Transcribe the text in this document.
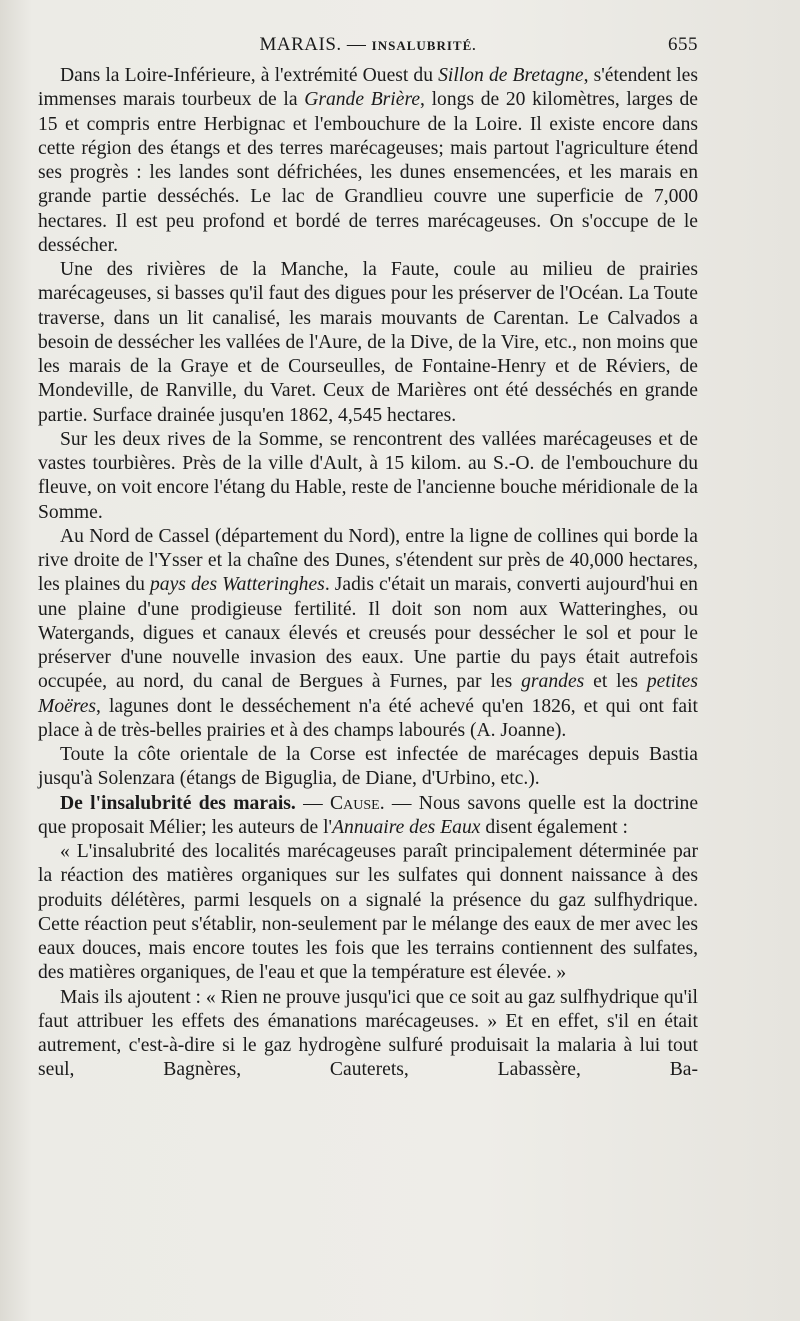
MARAIS. — INSALUBRITÉ.	655

Dans la Loire-Inférieure, à l'extrémité Ouest du Sillon de Bretagne, s'étendent les immenses marais tourbeux de la Grande Brière, longs de 20 kilomètres, larges de 15 et compris entre Herbignac et l'embouchure de la Loire. Il existe encore dans cette région des étangs et des terres marécageuses; mais partout l'agriculture étend ses progrès : les landes sont défrichées, les dunes ensemencées, et les marais en grande partie desséchés. Le lac de Grandlieu couvre une superficie de 7,000 hectares. Il est peu profond et bordé de terres marécageuses. On s'occupe de le dessécher.

Une des rivières de la Manche, la Faute, coule au milieu de prairies marécageuses, si basses qu'il faut des digues pour les préserver de l'Océan. La Toute traverse, dans un lit canalisé, les marais mouvants de Carentan. Le Calvados a besoin de dessécher les vallées de l'Aure, de la Dive, de la Vire, etc., non moins que les marais de la Graye et de Courseulles, de Fontaine-Henry et de Réviers, de Mondeville, de Ranville, du Varet. Ceux de Marières ont été desséchés en grande partie. Surface drainée jusqu'en 1862, 4,545 hectares.

Sur les deux rives de la Somme, se rencontrent des vallées marécageuses et de vastes tourbières. Près de la ville d'Ault, à 15 kilom. au S.-O. de l'embouchure du fleuve, on voit encore l'étang du Hable, reste de l'ancienne bouche méridionale de la Somme.

Au Nord de Cassel (département du Nord), entre la ligne de collines qui borde la rive droite de l'Ysser et la chaîne des Dunes, s'étendent sur près de 40,000 hectares, les plaines du pays des Watteringhes. Jadis c'était un marais, converti aujourd'hui en une plaine d'une prodigieuse fertilité. Il doit son nom aux Watteringhes, ou Watergands, digues et canaux élevés et creusés pour dessécher le sol et pour le préserver d'une nouvelle invasion des eaux. Une partie du pays était autrefois occupée, au nord, du canal de Bergues à Furnes, par les grandes et les petites Moëres, lagunes dont le desséchement n'a été achevé qu'en 1826, et qui ont fait place à de très-belles prairies et à des champs labourés (A. Joanne).

Toute la côte orientale de la Corse est infectée de marécages depuis Bastia jusqu'à Solenzara (étangs de Biguglia, de Diane, d'Urbino, etc.).

De l'insalubrité des marais. — Cause. — Nous savons quelle est la doctrine que proposait Mélier; les auteurs de l'Annuaire des Eaux disent également :

« L'insalubrité des localités marécageuses paraît principalement déterminée par la réaction des matières organiques sur les sulfates qui donnent naissance à des produits délétères, parmi lesquels on a signalé la présence du gaz sulfhydrique. Cette réaction peut s'établir, non-seulement par le mélange des eaux de mer avec les eaux douces, mais encore toutes les fois que les terrains contiennent des sulfates, des matières organiques, de l'eau et que la température est élevée. »

Mais ils ajoutent : « Rien ne prouve jusqu'ici que ce soit au gaz sulfhydrique qu'il faut attribuer les effets des émanations marécageuses. » Et en effet, s'il en était autrement, c'est-à-dire si le gaz hydrogène sulfuré produisait la malaria à lui tout seul, Bagnères, Cauterets, Labassère, Ba-
